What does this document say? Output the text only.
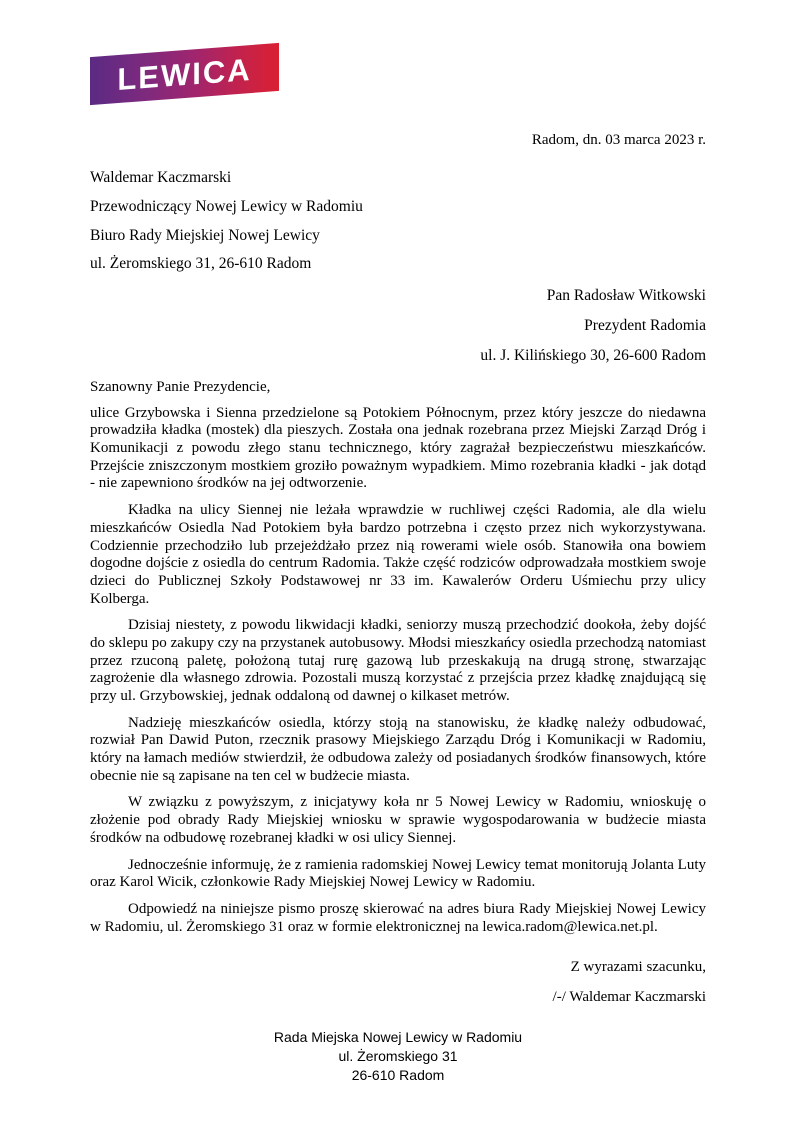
LEWICA
Radom, dn. 03 marca 2023 r.
Waldemar Kaczmarski
Przewodniczący Nowej Lewicy w Radomiu
Biuro Rady Miejskiej Nowej Lewicy
ul. Żeromskiego 31, 26-610 Radom
Pan Radosław Witkowski
Prezydent Radomia
ul. J. Kilińskiego 30, 26-600 Radom
Szanowny Panie Prezydencie,

ulice Grzybowska i Sienna przedzielone są Potokiem Północnym, przez który jeszcze do niedawna prowadziła kładka (mostek) dla pieszych. Została ona jednak rozebrana przez Miejski Zarząd Dróg i Komunikacji z powodu złego stanu technicznego, który zagrażał bezpieczeństwu mieszkańców. Przejście zniszczonym mostkiem groziło poważnym wypadkiem. Mimo rozebrania kładki - jak dotąd - nie zapewniono środków na jej odtworzenie.

Kładka na ulicy Siennej nie leżała wprawdzie w ruchliwej części Radomia, ale dla wielu mieszkańców Osiedla Nad Potokiem była bardzo potrzebna i często przez nich wykorzystywana. Codziennie przechodziło lub przejeżdżało przez nią rowerami wiele osób. Stanowiła ona bowiem dogodne dojście z osiedla do centrum Radomia. Także część rodziców odprowadzała mostkiem swoje dzieci do Publicznej Szkoły Podstawowej nr 33 im. Kawalerów Orderu Uśmiechu przy ulicy Kolberga.

Dzisiaj niestety, z powodu likwidacji kładki, seniorzy muszą przechodzić dookoła, żeby dojść do sklepu po zakupy czy na przystanek autobusowy. Młodsi mieszkańcy osiedla przechodzą natomiast przez rzuconą paletę, położoną tutaj rurę gazową lub przeskakują na drugą stronę, stwarzając zagrożenie dla własnego zdrowia. Pozostali muszą korzystać z przejścia przez kładkę znajdującą się przy ul. Grzybowskiej, jednak oddaloną od dawnej o kilkaset metrów.

Nadzieję mieszkańców osiedla, którzy stoją na stanowisku, że kładkę należy odbudować, rozwiał Pan Dawid Puton, rzecznik prasowy Miejskiego Zarządu Dróg i Komunikacji w Radomiu, który na łamach mediów stwierdził, że odbudowa zależy od posiadanych środków finansowych, które obecnie nie są zapisane na ten cel w budżecie miasta.

W związku z powyższym, z inicjatywy koła nr 5 Nowej Lewicy w Radomiu, wnioskuję o złożenie pod obrady Rady Miejskiej wniosku w sprawie wygospodarowania w budżecie miasta środków na odbudowę rozebranej kładki w osi ulicy Siennej.

Jednocześnie informuję, że z ramienia radomskiej Nowej Lewicy temat monitorują Jolanta Luty oraz Karol Wicik, członkowie Rady Miejskiej Nowej Lewicy w Radomiu.

Odpowiedź na niniejsze pismo proszę skierować na adres biura Rady Miejskiej Nowej Lewicy w Radomiu, ul. Żeromskiego 31 oraz w formie elektronicznej na lewica.radom@lewica.net.pl.

Z wyrazami szacunku,
/-/ Waldemar Kaczmarski
Rada Miejska Nowej Lewicy w Radomiu
ul. Żeromskiego 31
26-610 Radom
